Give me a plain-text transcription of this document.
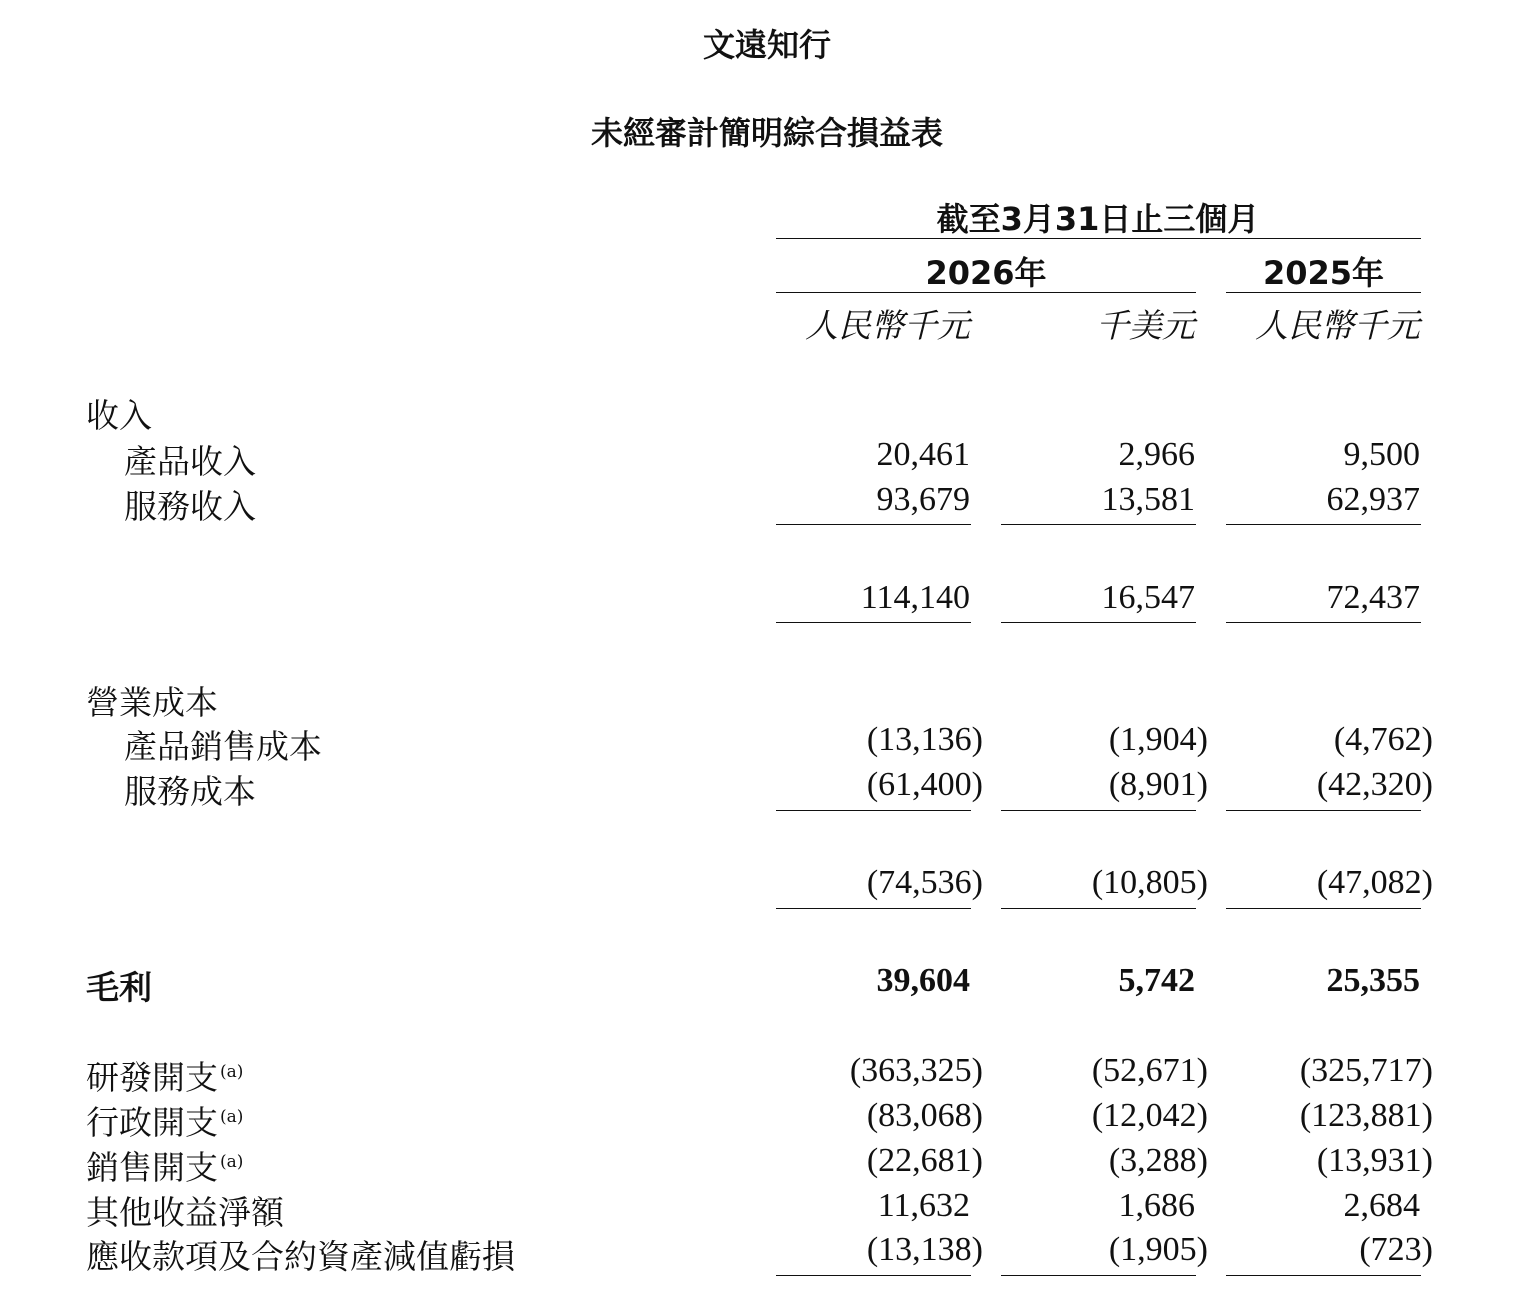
文遠知行
未經審計簡明綜合損益表
截至3月31日止三個月
2026年	2025年
人民幣千元	千美元 人民幣千元
收入
產品收入	20,461	2,966	9,500
服務收入	93,679	13,581	62,937
114,140	16,547	72,437
營業成本
產品銷售成本	(13,136)	(1,904)	(4,762)
服務成本	(61,400)	(8,901)	(42,320)
(74,536)	(10,805)	(47,082)
毛利	39,604	5,742	25,355
研發開支 $^{(a)}$	(363,325)	(52,671)	(325,717)
行政開支 $^{(a)}$	(83,068)	(12,042)	(123,881)
銷售開支 $^{(a)}$	(22,681)	(3,288)	(13,931)
其他收益淨額	11,632	1,686	2,684
應收款項及合約資產減值虧損	(13,138)	(1,905)	(723)
